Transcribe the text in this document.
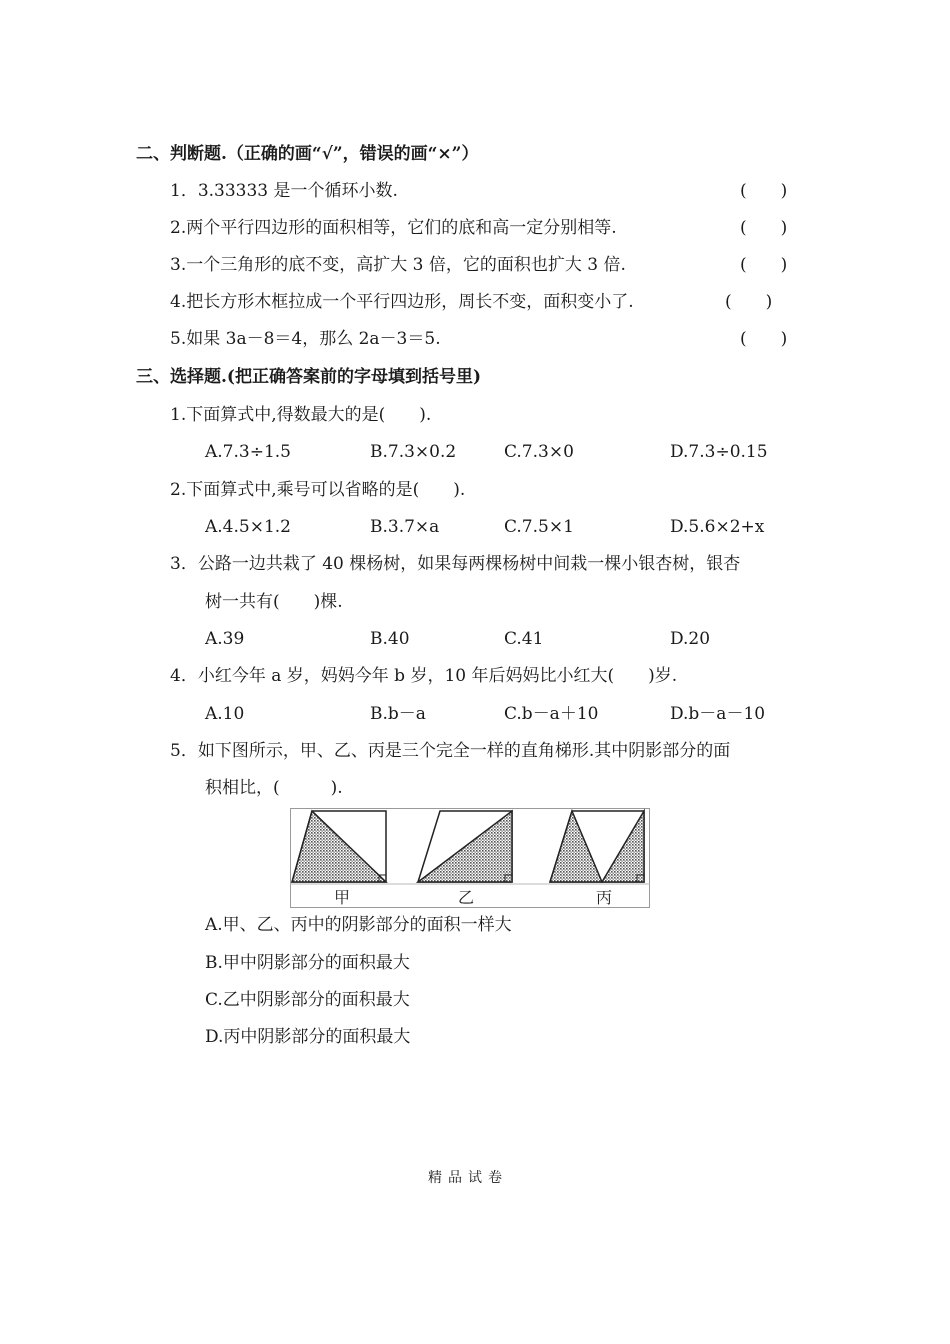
二、判断题.（正确的画“√”，错误的画“×”）
1．3.33333 是一个循环小数.	(　　)
2.两个平行四边形的面积相等，它们的底和高一定分别相等.	(　　)
3.一个三角形的底不变，高扩大 3 倍，它的面积也扩大 3 倍.	(　　)
4.把长方形木框拉成一个平行四边形，周长不变，面积变小了.	(　　)
5.如果 3a－8＝4，那么 2a－3＝5.	(　　)
三、选择题.(把正确答案前的字母填到括号里)
1.下面算式中,得数最大的是(　　).
A.7.3÷1.5	B.7.3×0.2	C.7.3×0	D.7.3÷0.15
2.下面算式中,乘号可以省略的是(　　).
A.4.5×1.2	B.3.7×a	C.7.5×1	D.5.6×2+x
3．公路一边共栽了 40 棵杨树，如果每两棵杨树中间栽一棵小银杏树，银杏
树一共有(　　)棵.
A.39	B.40	C.41	D.20
4．小红今年 a 岁，妈妈今年 b 岁，10 年后妈妈比小红大(　　)岁.
A.10	B.b－a	C.b－a＋10	D.b－a－10
5．如下图所示，甲、乙、丙是三个完全一样的直角梯形.其中阴影部分的面
积相比，(　　　).
甲	乙	丙
A.甲、乙、丙中的阴影部分的面积一样大
B.甲中阴影部分的面积最大
C.乙中阴影部分的面积最大
D.丙中阴影部分的面积最大
精品试卷
